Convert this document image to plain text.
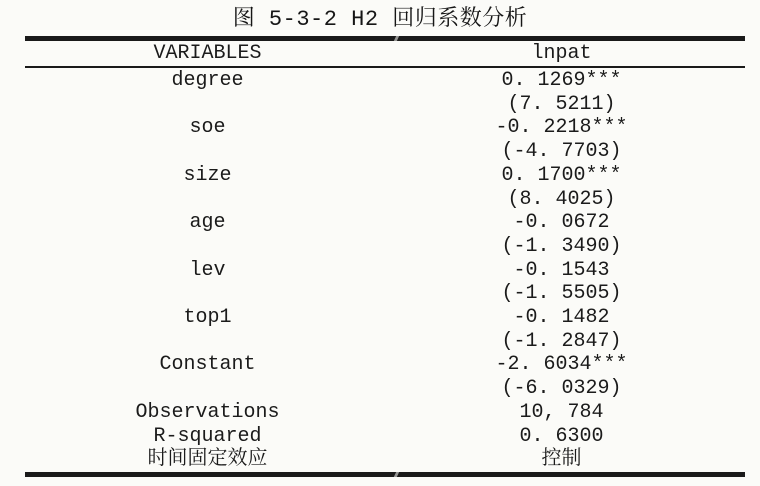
图 5-3-2 H2 回归系数分析
VARIABLES	lnpat
degree	0. 1269***
(7. 5211)
soe	-0. 2218***
(-4. 7703)
size	0. 1700***
(8. 4025)
age	-0. 0672
(-1. 3490)
lev	-0. 1543
(-1. 5505)
top1	-0. 1482
(-1. 2847)
Constant	-2. 6034***
(-6. 0329)
Observations	10, 784
R-squared	0. 6300
时间固定效应	控制
